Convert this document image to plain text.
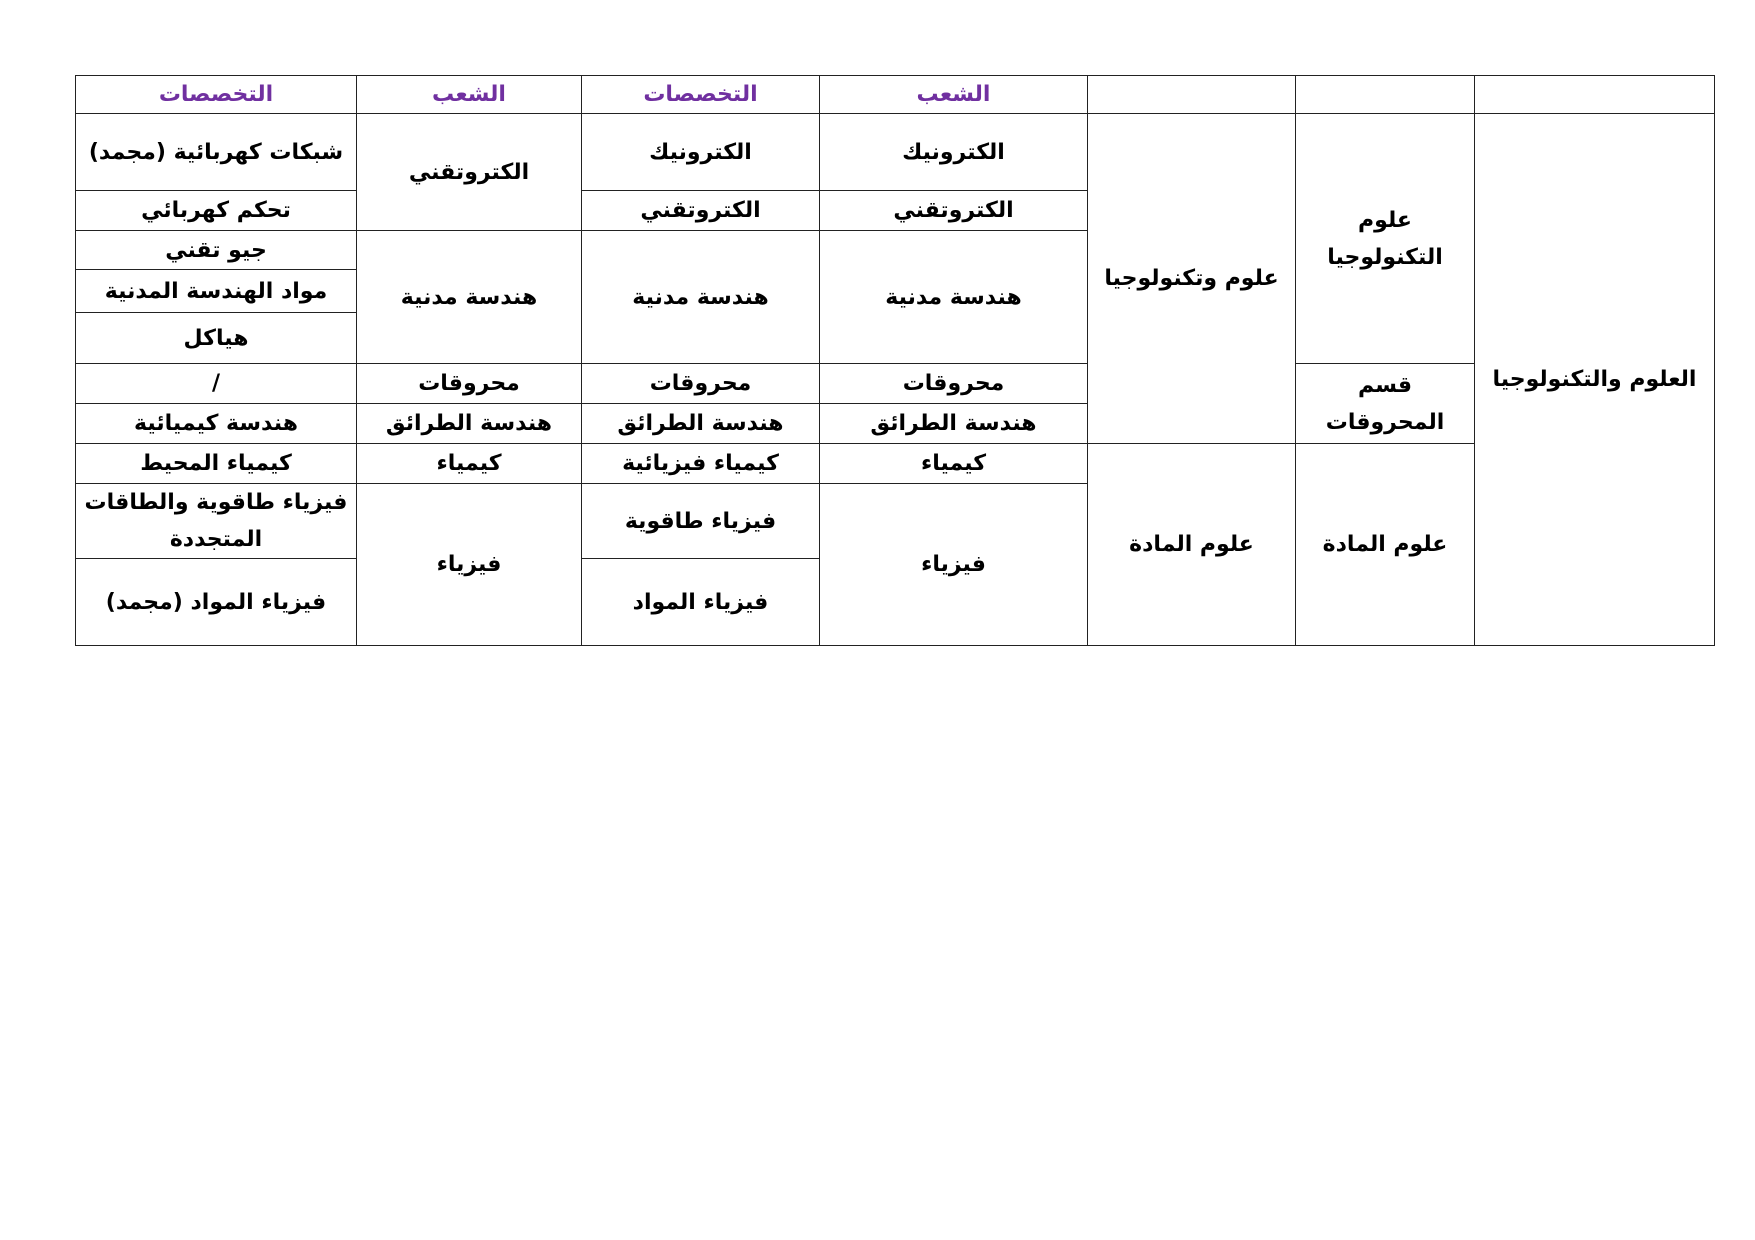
			الشعب	التخصصات	الشعب	التخصصات
العلوم والتكنولوجيا	علوم التكنولوجيا	علوم وتكنولوجيا	الكترونيك	الكترونيك	الكتروتقني	شبكات كهربائية (مجمد)
			الكتروتقني	الكتروتقني		تحكم كهربائي
			هندسة مدنية	هندسة مدنية	هندسة مدنية	جيو تقني
						مواد الهندسة المدنية
						هياكل
	قسم المحروقات		محروقات	محروقات	محروقات	/
			هندسة الطرائق	هندسة الطرائق	هندسة الطرائق	هندسة كيميائية
	علوم المادة	علوم المادة	كيمياء	كيمياء فيزيائية	كيمياء	كيمياء المحيط
			فيزياء	فيزياء طاقوية	فيزياء	فيزياء طاقوية والطاقات المتجددة
				فيزياء المواد		فيزياء المواد (مجمد)
